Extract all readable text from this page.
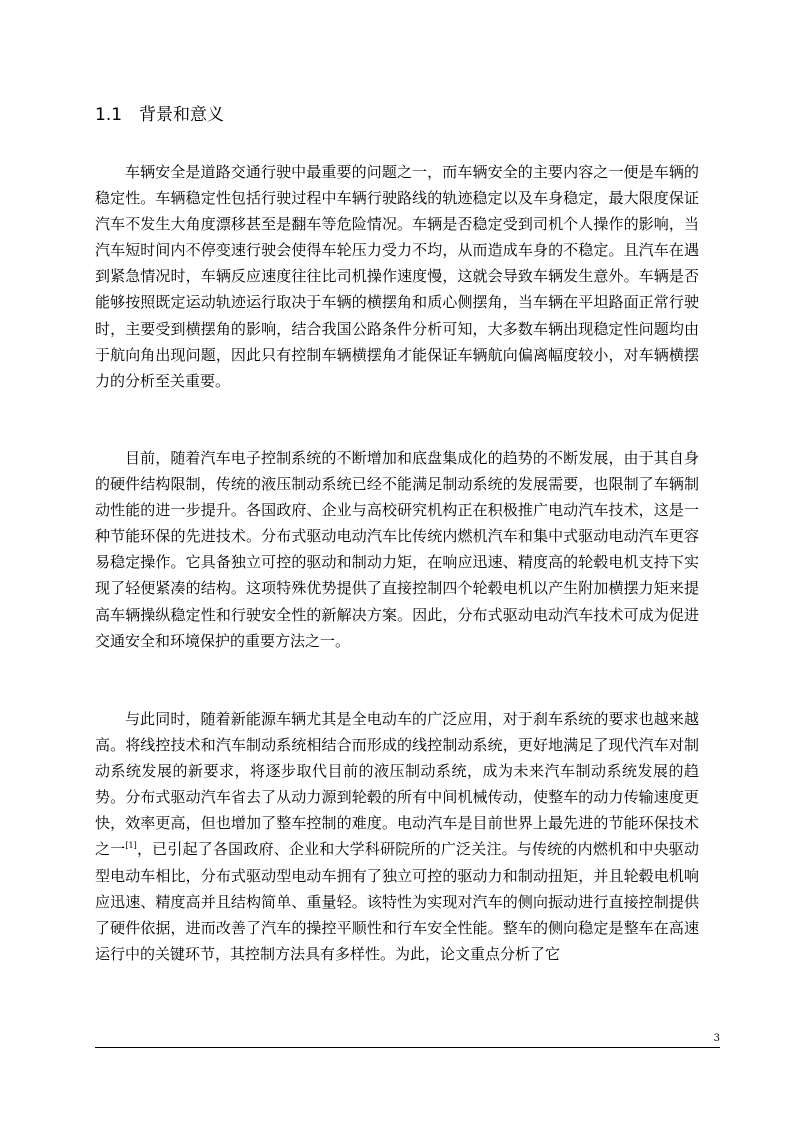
1.1 背景和意义

车辆安全是道路交通行驶中最重要的问题之一，而车辆安全的主要内容之一便是车辆的稳定性。车辆稳定性包括行驶过程中车辆行驶路线的轨迹稳定以及车身稳定，最大限度保证汽车不发生大角度漂移甚至是翻车等危险情况。车辆是否稳定受到司机个人操作的影响，当汽车短时间内不停变速行驶会使得车轮压力受力不均，从而造成车身的不稳定。且汽车在遇到紧急情况时，车辆反应速度往往比司机操作速度慢，这就会导致车辆发生意外。车辆是否能够按照既定运动轨迹运行取决于车辆的横摆角和质心侧摆角，当车辆在平坦路面正常行驶时，主要受到横摆角的影响，结合我国公路条件分析可知，大多数车辆出现稳定性问题均由于航向角出现问题，因此只有控制车辆横摆角才能保证车辆航向偏离幅度较小，对车辆横摆力的分析至关重要。

目前，随着汽车电子控制系统的不断增加和底盘集成化的趋势的不断发展，由于其自身的硬件结构限制，传统的液压制动系统已经不能满足制动系统的发展需要，也限制了车辆制动性能的进一步提升。各国政府、企业与高校研究机构正在积极推广电动汽车技术，这是一种节能环保的先进技术。分布式驱动电动汽车比传统内燃机汽车和集中式驱动电动汽车更容易稳定操作。它具备独立可控的驱动和制动力矩，在响应迅速、精度高的轮毂电机支持下实现了轻便紧凑的结构。这项特殊优势提供了直接控制四个轮毂电机以产生附加横摆力矩来提高车辆操纵稳定性和行驶安全性的新解决方案。因此，分布式驱动电动汽车技术可成为促进交通安全和环境保护的重要方法之一。

与此同时，随着新能源车辆尤其是全电动车的广泛应用，对于刹车系统的要求也越来越高。将线控技术和汽车制动系统相结合而形成的线控制动系统，更好地满足了现代汽车对制动系统发展的新要求，将逐步取代目前的液压制动系统，成为未来汽车制动系统发展的趋势。分布式驱动汽车省去了从动力源到轮毂的所有中间机械传动，使整车的动力传输速度更快，效率更高，但也增加了整车控制的难度。电动汽车是目前世界上最先进的节能环保技术之一[1]，已引起了各国政府、企业和大学科研院所的广泛关注。与传统的内燃机和中央驱动型电动车相比，分布式驱动型电动车拥有了独立可控的驱动力和制动扭矩，并且轮毂电机响应迅速、精度高并且结构简单、重量轻。该特性为实现对汽车的侧向振动进行直接控制提供了硬件依据，进而改善了汽车的操控平顺性和行车安全性能。整车的侧向稳定是整车在高速运行中的关键环节，其控制方法具有多样性。为此，论文重点分析了它

3
